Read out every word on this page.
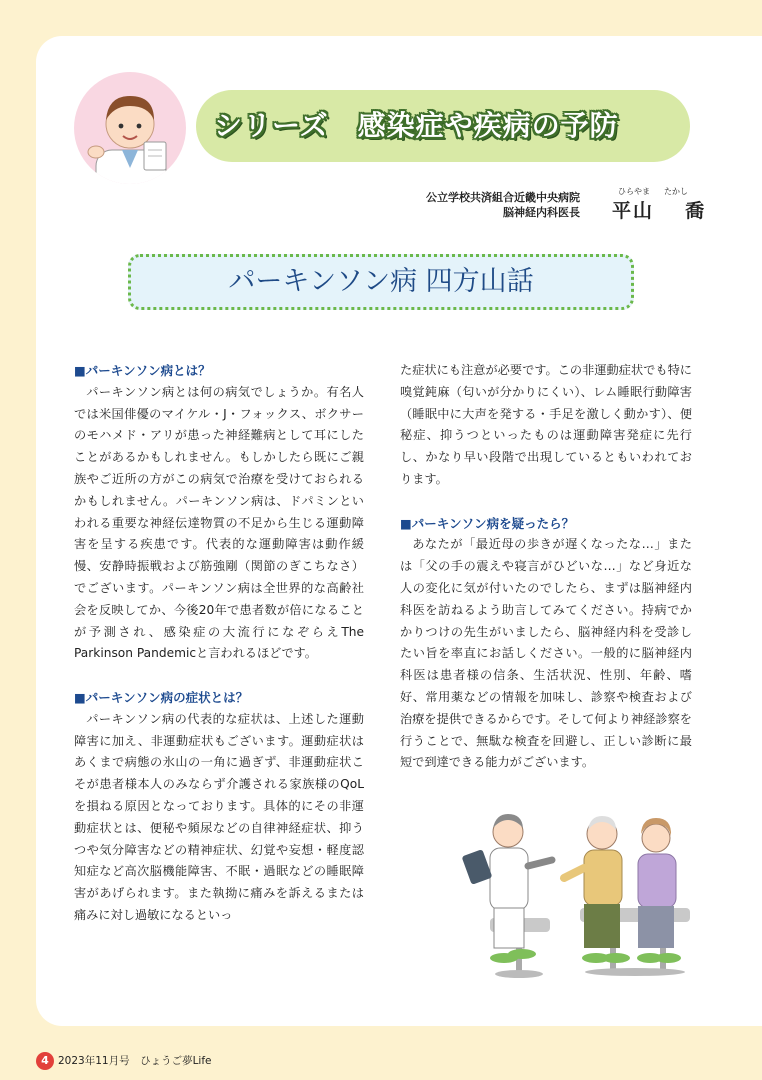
シリーズ　感染症や疾病の予防
公立学校共済組合近畿中央病院
脳神経内科医長
ひらやま たかし
平山 喬
パーキンソン病 四方山話
■パーキンソン病とは？

パーキンソン病とは何の病気でしょうか。有名人では米国俳優のマイケル・J・フォックス、ボクサーのモハメド・アリが患った神経難病として耳にしたことがあるかもしれません。もしかしたら既にご親族やご近所の方がこの病気で治療を受けておられるかもしれません。パーキンソン病は、ドパミンといわれる重要な神経伝達物質の不足から生じる運動障害を呈する疾患です。代表的な運動障害は動作緩慢、安静時振戦および筋強剛（関節のぎこちなさ）でございます。パーキンソン病は全世界的な高齢社会を反映してか、今後20年で患者数が倍になることが予測され、感染症の大流行になぞらえThe Parkinson Pandemicと言われるほどです。

■パーキンソン病の症状とは？

パーキンソン病の代表的な症状は、上述した運動障害に加え、非運動症状もございます。運動症状はあくまで病態の氷山の一角に過ぎず、非運動症状こそが患者様本人のみならず介護される家族様のQoLを損ねる原因となっております。具体的にその非運動症状とは、便秘や頻尿などの自律神経症状、抑うつや気分障害などの精神症状、幻覚や妄想・軽度認知症など高次脳機能障害、不眠・過眠などの睡眠障害があげられます。また執拗に痛みを訴えるまたは痛みに対し過敏になるといっ

た症状にも注意が必要です。この非運動症状でも特に嗅覚鈍麻（匂いが分かりにくい）、レム睡眠行動障害（睡眠中に大声を発する・手足を激しく動かす）、便秘症、抑うつといったものは運動障害発症に先行し、かなり早い段階で出現しているともいわれております。

■パーキンソン病を疑ったら？

あなたが「最近母の歩きが遅くなったな…」または「父の手の震えや寝言がひどいな…」など身近な人の変化に気が付いたのでしたら、まずは脳神経内科医を訪ねるよう助言してみてください。持病でかかりつけの先生がいましたら、脳神経内科を受診したい旨を率直にお話しください。一般的に脳神経内科医は患者様の信条、生活状況、性別、年齢、嗜好、常用薬などの情報を加味し、診察や検査および治療を提供できるからです。そして何より神経診察を行うことで、無駄な検査を回避し、正しい診断に最短で到達できる能力がございます。

4 2023年11月号　ひょうご夢Life
